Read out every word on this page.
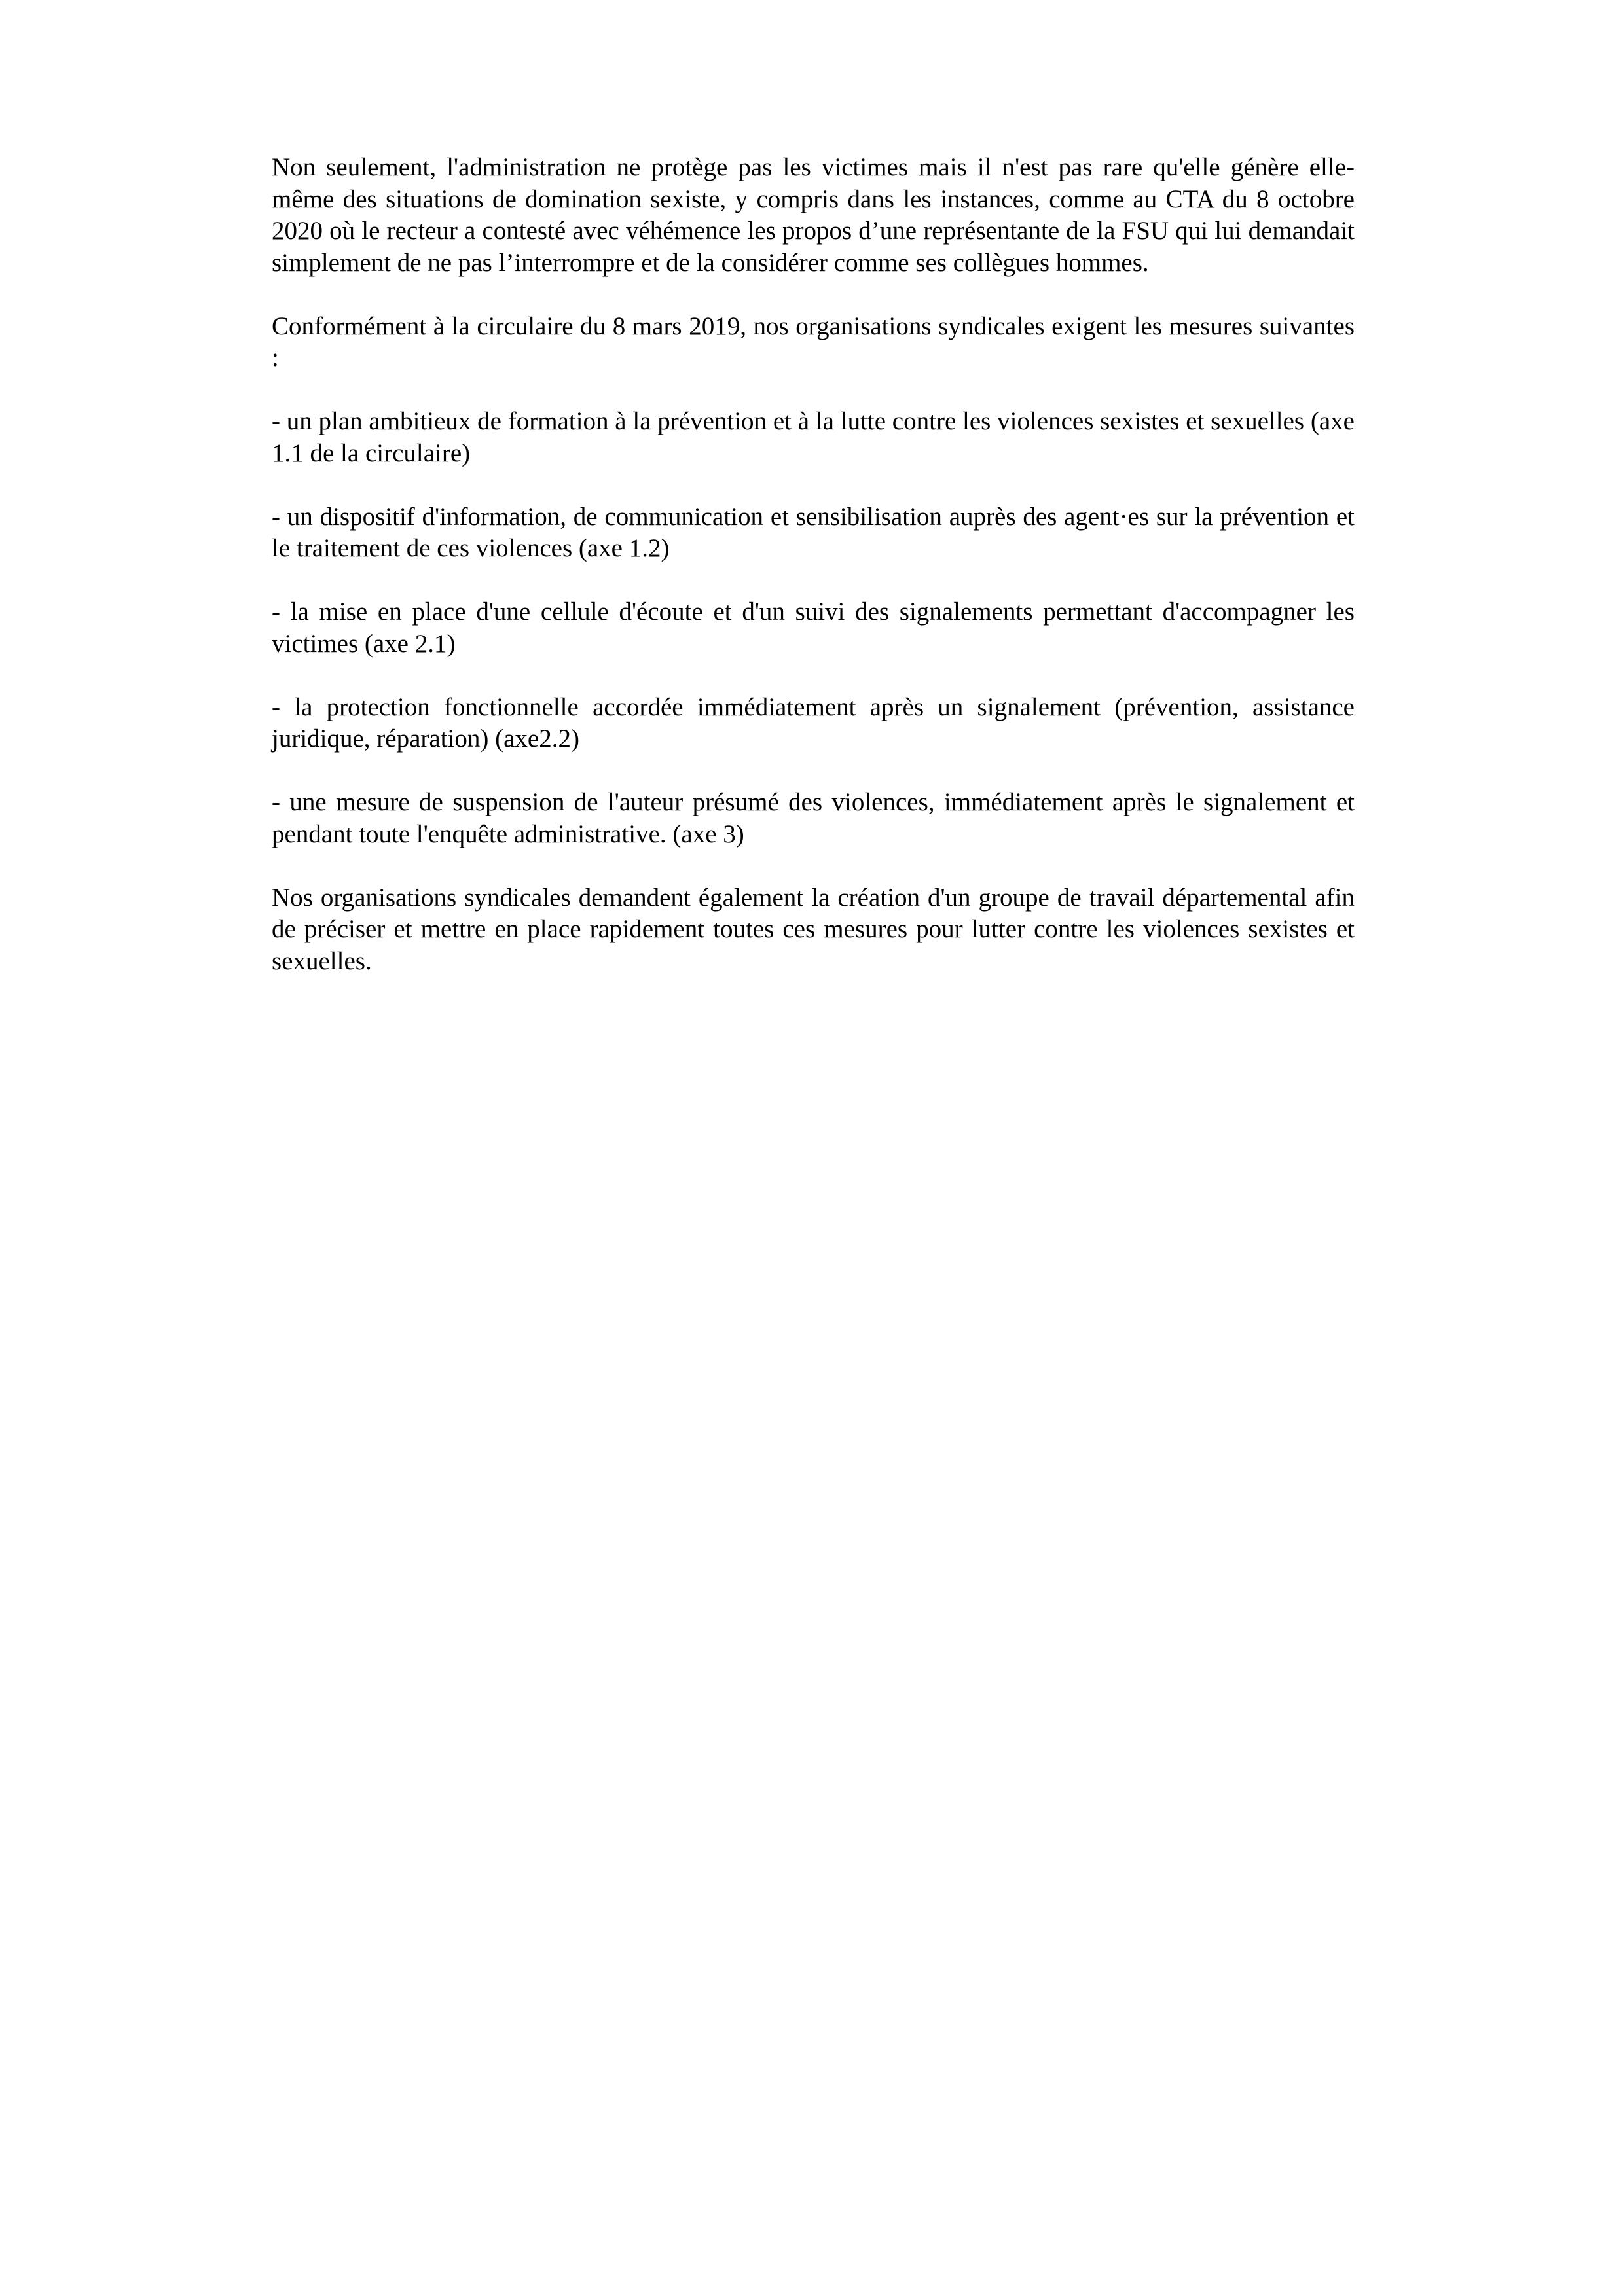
Non seulement, l'administration ne protège pas les victimes mais il n'est pas rare qu'elle génère elle-même des situations de domination sexiste, y compris dans les instances, comme au CTA du 8 octobre 2020 où le recteur a contesté avec véhémence les propos d’une représentante de la FSU qui lui demandait simplement de ne pas l’interrompre et de la considérer comme ses collègues hommes.

Conformément à la circulaire du 8 mars 2019, nos organisations syndicales exigent les mesures suivantes :

- un plan ambitieux de formation à la prévention et à la lutte contre les violences sexistes et sexuelles (axe 1.1 de la circulaire)

- un dispositif d'information, de communication et sensibilisation auprès des agent·es sur la prévention et le traitement de ces violences (axe 1.2)

- la mise en place d'une cellule d'écoute et d'un suivi des signalements permettant d'accompagner les victimes (axe 2.1)

- la protection fonctionnelle accordée immédiatement après un signalement (prévention, assistance juridique, réparation) (axe2.2)

- une mesure de suspension de l'auteur présumé des violences, immédiatement après le signalement et pendant toute l'enquête administrative. (axe 3)

Nos organisations syndicales demandent également la création d'un groupe de travail départemental afin de préciser et mettre en place rapidement toutes ces mesures pour lutter contre les violences sexistes et sexuelles.
